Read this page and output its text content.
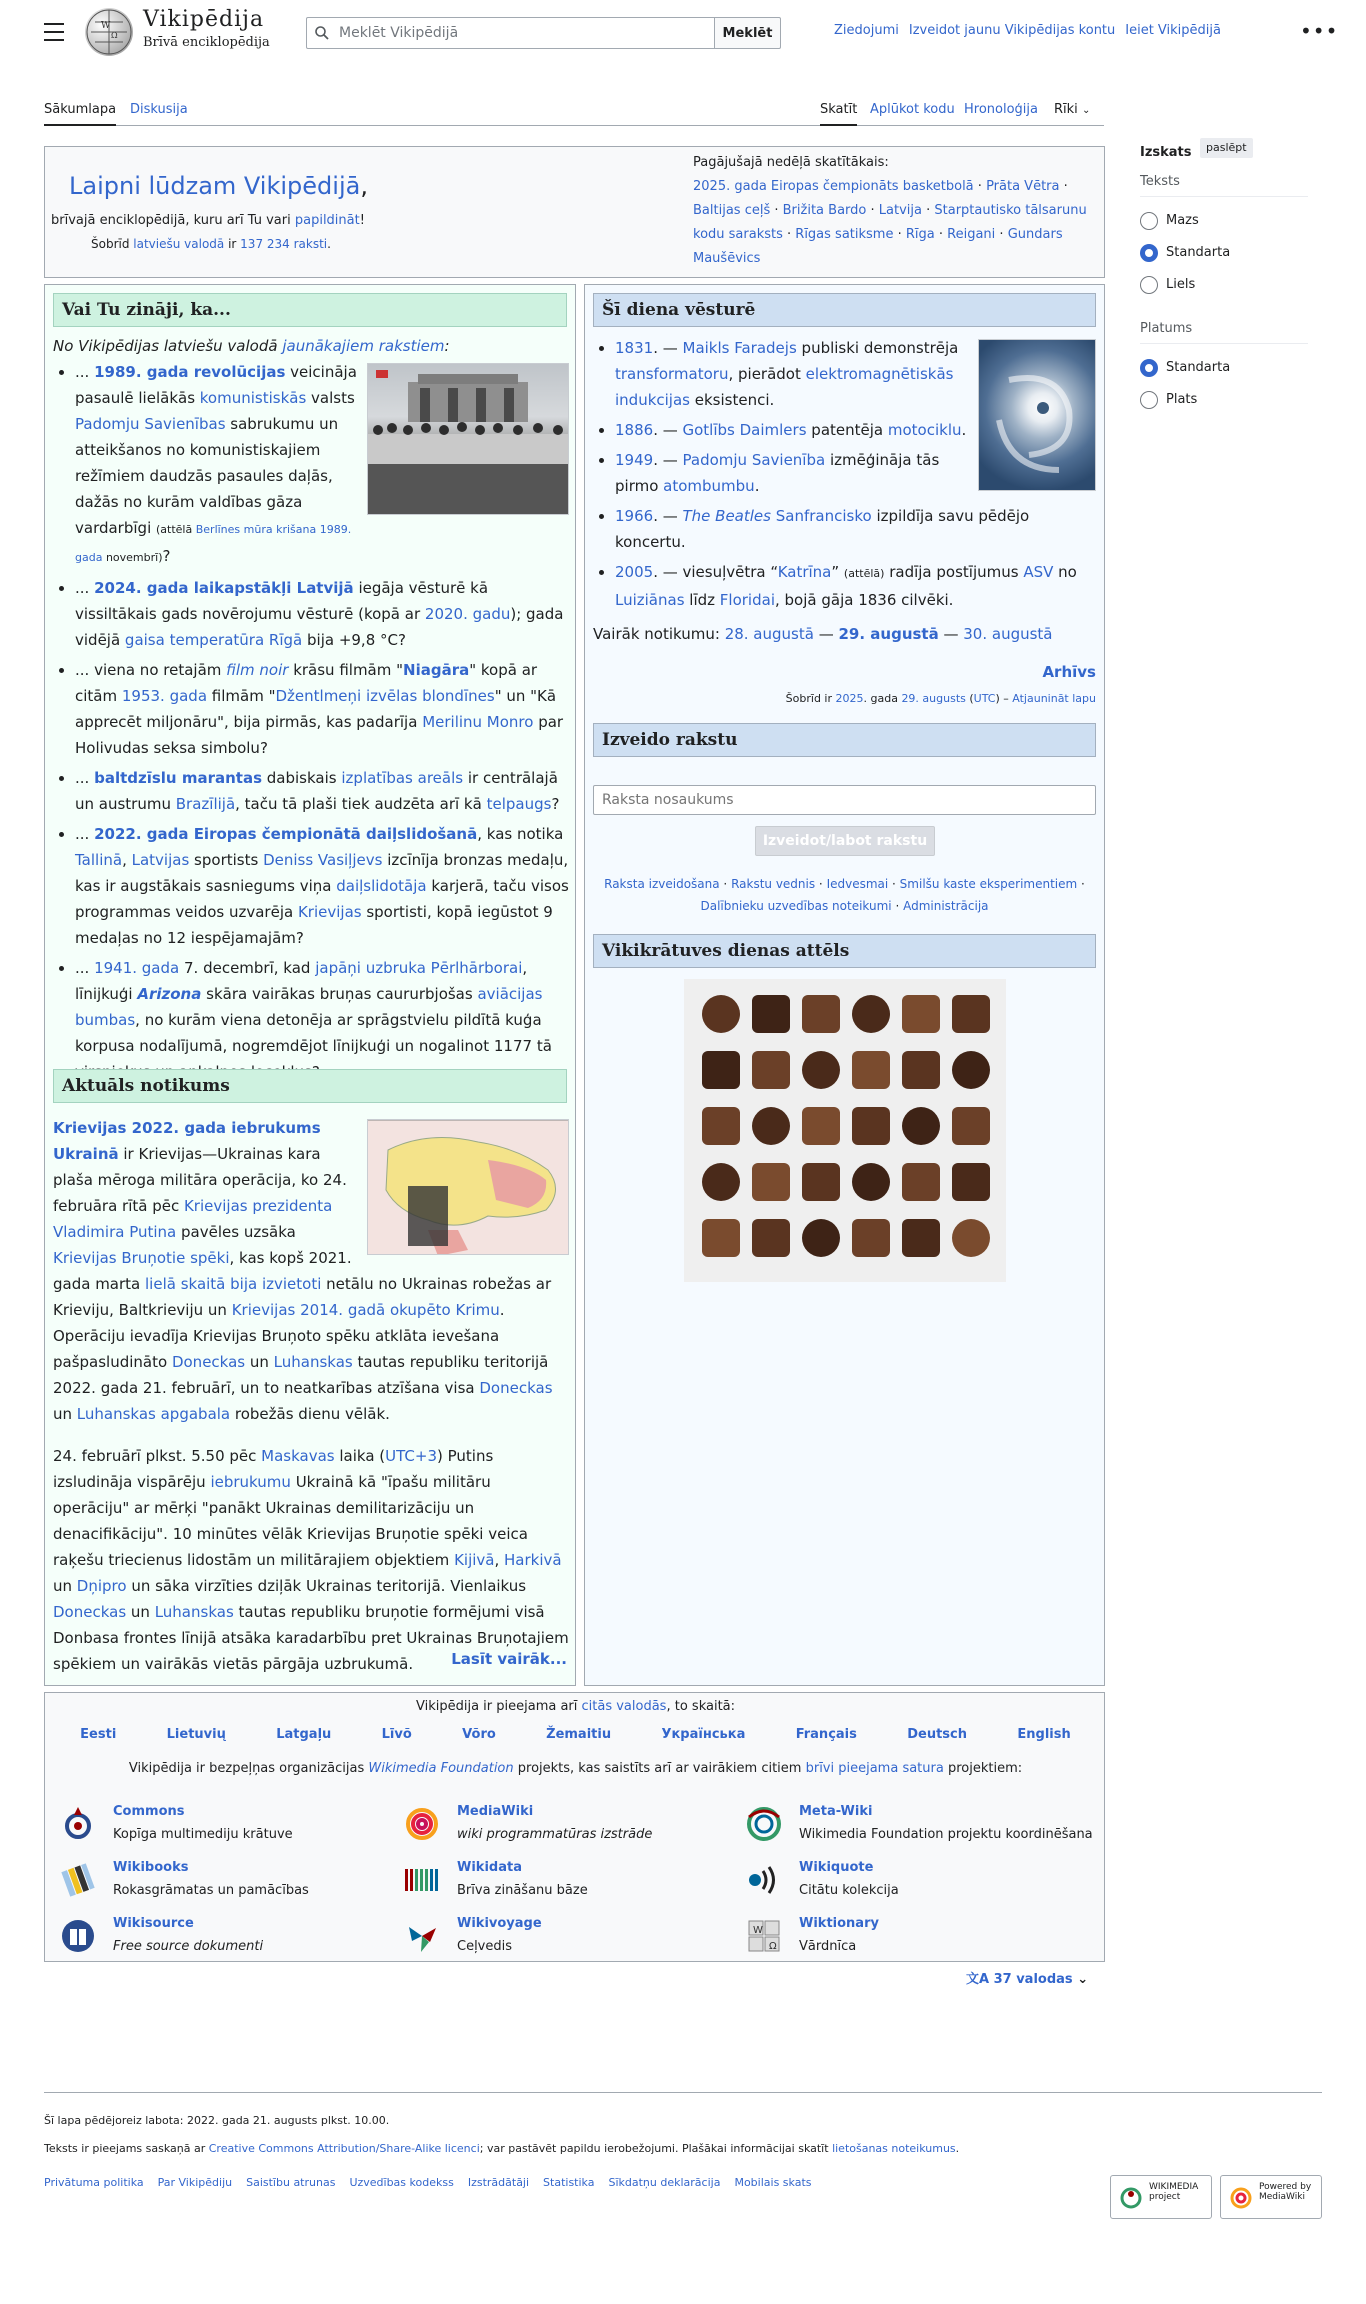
W
Ω
Vikipēdija
Brīvā enciklopēdija
Meklēt Vikipēdijā
Meklēt	Ziedojumi Izveidot jaunu Vikipēdijas kontu Ieiet Vikipēdijā	•••
Sākumlapa Diskusija	Skatīt Aplūkot kodu Hronoloģija Rīki ⌄
Laipni lūdzam Vikipēdijā,
brīvajā enciklopēdijā, kuru arī Tu vari papildināt!
Šobrīd latviešu valodā ir 137 234 raksti.
Pagājušajā nedēļā skatītākais:
2025. gada Eiropas čempionāts basketbolā · Prāta Vētra · Baltijas ceļš · Brižita Bardo · Latvija · Starptautisko tālsarunu kodu saraksts · Rīgas satiksme · Rīga · Reigani · Gundars Maušēvics
Vai Tu zināji, ka...
No Vikipēdijas latviešu valodā jaunākajiem rakstiem:
• ... 1989. gada revolūcijas veicināja pasaulē lielākās komunistiskās valsts Padomju Savienības sabrukumu un atteikšanos no komunistiskajiem režīmiem daudzās pasaules daļās, dažās no kurām valdības gāza vardarbīgi (attēlā Berlīnes mūra krišana 1989. gada novembrī)?
• ... 2024. gada laikapstākļi Latvijā iegāja vēsturē kā vissiltākais gads novērojumu vēsturē (kopā ar 2020. gadu); gada vidējā gaisa temperatūra Rīgā bija +9,8 °C?
• ... viena no retajām film noir krāsu filmām "Niagāra" kopā ar citām 1953. gada filmām "Džentlmeņi izvēlas blondīnes" un "Kā apprecēt miljonāru", bija pirmās, kas padarīja Merilinu Monro par Holivudas seksa simbolu?
• ... baltdzīslu marantas dabiskais izplatības areāls ir centrālajā un austrumu Brazīlijā, taču tā plaši tiek audzēta arī kā telpaugs?
• ... 2022. gada Eiropas čempionātā daiļslidošanā, kas notika Tallinā, Latvijas sportists Deniss Vasiļjevs izcīnīja bronzas medaļu, kas ir augstākais sasniegums viņa daiļslidotāja karjerā, taču visos programmas veidos uzvarēja Krievijas sportisti, kopā iegūstot 9 medaļas no 12 iespējamajām?
• ... 1941. gada 7. decembrī, kad japāņi uzbruka Pērlhārborai, līnijkuģi Arizona skāra vairākas bruņas caururbjošas aviācijas bumbas, no kurām viena detonēja ar sprāgstvielu pildītā kuģa korpusa nodalījumā, nogremdējot līnijkuģi un nogalinot 1177 tā
Aktuāls notikums

Krievijas 2022. gada iebrukums Ukrainā ir Krievijas—Ukrainas kara plaša mēroga militāra operācija, ko 24. februāra rītā pēc Krievijas prezidenta Vladimira Putina pavēles uzsāka Krievijas Bruņotie spēki, kas kopš 2021. gada marta lielā skaitā bija izvietoti netālu no Ukrainas robežas ar Krieviju, Baltkrieviju un Krievijas 2014. gadā okupēto Krimu. Operāciju ievadīja Krievijas Bruņoto spēku atklāta ievešana pašpasludināto Doneckas un Luhanskas tautas republiku teritorijā 2022. gada 21. februārī, un to neatkarības atzīšana visa Doneckas un Luhanskas apgabala robežās dienu vēlāk.

24. februārī plkst. 5.50 pēc Maskavas laika (UTC+3) Putins izsludināja vispārēju iebrukumu Ukrainā kā "īpašu militāru operāciju" ar mērķi "panākt Ukrainas demilitarizāciju un denacifikāciju". 10 minūtes vēlāk Krievijas Bruņotie spēki veica raķešu triecienus lidostām un militārajiem objektiem Kijivā, Harkivā un Dņipro un sāka virzīties dziļāk Ukrainas teritorijā. Vienlaikus Doneckas un Luhanskas tautas republiku bruņotie formējumi visā Donbasa frontes līnijā atsāka karadarbību pret Ukrainas Bruņotajiem spēkiem un vairākās vietās pārgāja uzbrukumā.	Lasīt vairāk...
Šī diena vēsturē
• 1831. — Maikls Faradejs publiski demonstrēja transformatoru, pierādot elektromagnētiskās indukcijas eksistenci.
• 1886. — Gotlībs Daimlers patentēja motociklu.
• 1949. — Padomju Savienība izmēģināja tās pirmo atombumbu.
• 1966. — The Beatles Sanfrancisko izpildīja savu pēdējo koncertu.
• 2005. — viesuļvētra “Katrīna” (attēlā) radīja postījumus ASV no Luiziānas līdz Floridai, bojā gāja 1836 cilvēki.
Vairāk notikumu: 28. augustā — 29. augustā — 30. augustā
Arhīvs
Šobrīd ir 2025. gada 29. augusts (UTC) – Atjaunināt lapu
Izveido rakstu
Raksta nosaukums
Izveidot/labot rakstu
Raksta izveidošana · Rakstu vednis · Iedvesmai · Smilšu kaste eksperimentiem · Dalībnieku uzvedības noteikumi · Administrācija
Vikikrātuves dienas attēls
Vikipēdija ir pieejama arī citās valodās, to skaitā:
Eesti	Lietuvių	Latgaļu	Līvõ	Võro	Žemaitiu	Українська	Français	Deutsch	English
Vikipēdija ir bezpeļņas organizācijas Wikimedia Foundation projekts, kas saistīts arī ar vairākiem citiem brīvi pieejama satura projektiem:
Commons
Kopīga multimediju krātuve
MediaWiki
wiki programmatūras izstrāde
Meta-Wiki
Wikimedia Foundation projektu koordinēšana
Wikibooks
Rokasgrāmatas un pamācības
Wikidata
Brīva zināšanu bāze
Wikiquote
Citātu kolekcija
Wikisource
Free source dokumenti
Wikivoyage
Ceļvedis
W
Ω
Wiktionary
Vārdnīca
文A 37 valodas ⌄
Izskats	paslēpt
Teksts
Mazs
Standarta
Liels
Platums
Standarta
Plats
Šī lapa pēdējoreiz labota: 2022. gada 21. augusts plkst. 10.00.
Teksts ir pieejams saskaņā ar Creative Commons Attribution/Share-Alike licenci; var pastāvēt papildu ierobežojumi. Plašākai informācijai skatīt lietošanas noteikumus.
Privātuma politika Par Vikipēdiju Saistību atrunas Uzvedības kodekss Izstrādātāji Statistika Sīkdatņu deklarācija Mobilais skats	WIKIMEDIA project
Powered by MediaWiki
